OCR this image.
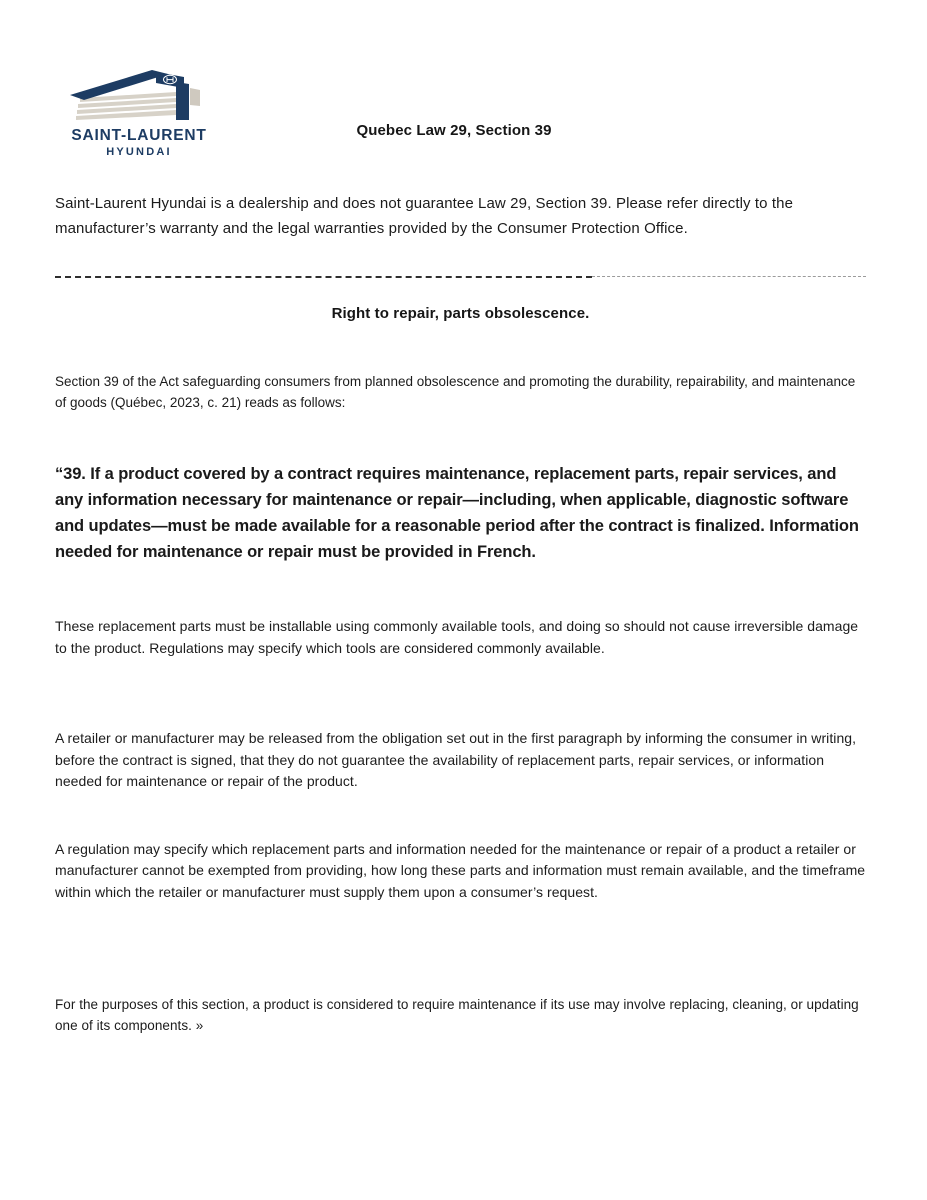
SAINT-LAURENT
HYUNDAI
Quebec Law 29, Section 39

Saint-Laurent Hyundai is a dealership and does not guarantee Law 29, Section 39. Please refer directly to the manufacturer’s warranty and the legal warranties provided by the Consumer Protection Office.

Right to repair, parts obsolescence.

Section 39 of the Act safeguarding consumers from planned obsolescence and promoting the durability, repairability, and maintenance of goods (Québec, 2023, c. 21) reads as follows:

“39. If a product covered by a contract requires maintenance, replacement parts, repair services, and any information necessary for maintenance or repair—including, when applicable, diagnostic software and updates—must be made available for a reasonable period after the contract is finalized. Information needed for maintenance or repair must be provided in French.

These replacement parts must be installable using commonly available tools, and doing so should not cause irreversible damage to the product. Regulations may specify which tools are considered commonly available.

A retailer or manufacturer may be released from the obligation set out in the first paragraph by informing the consumer in writing, before the contract is signed, that they do not guarantee the availability of replacement parts, repair services, or information needed for maintenance or repair of the product.

A regulation may specify which replacement parts and information needed for the maintenance or repair of a product a retailer or manufacturer cannot be exempted from providing, how long these parts and information must remain available, and the timeframe within which the retailer or manufacturer must supply them upon a consumer’s request.

For the purposes of this section, a product is considered to require maintenance if its use may involve replacing, cleaning, or updating one of its components. »
